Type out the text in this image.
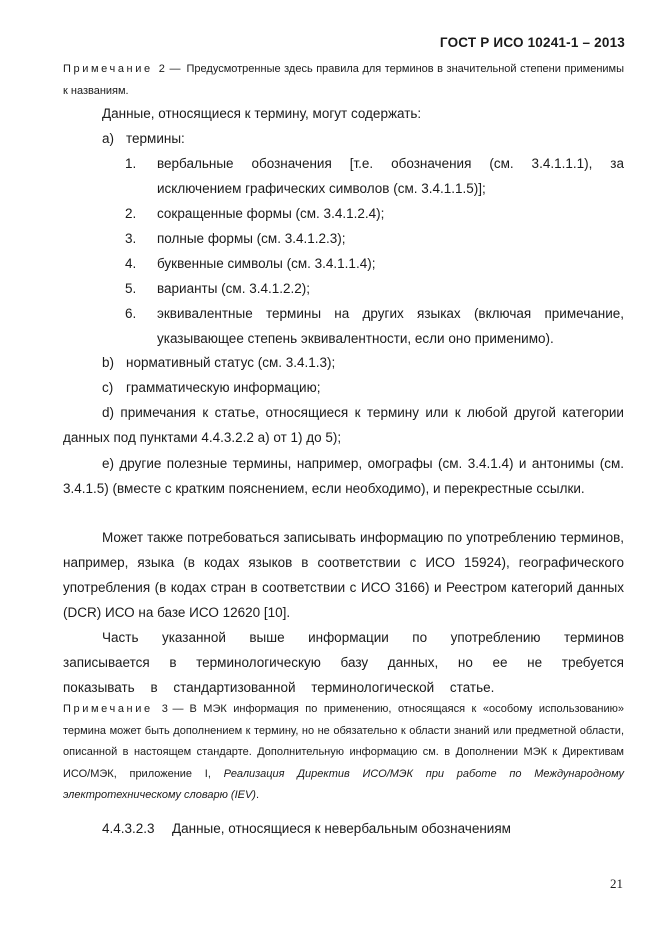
ГОСТ Р ИСО 10241-1 – 2013
Примечание 2 — Предусмотренные здесь правила для терминов в значительной степени применимы к названиям.
Данные, относящиеся к термину, могут содержать:
a) термины:
1.	вербальные обозначения [т.е. обозначения (см. 3.4.1.1.1), за исключением графических символов (см. 3.4.1.1.5)];
2.	сокращенные формы (см. 3.4.1.2.4);
3.	полные формы (см. 3.4.1.2.3);
4.	буквенные символы (см. 3.4.1.1.4);
5.	варианты (см. 3.4.1.2.2);
6.	эквивалентные термины на других языках (включая примечание, указывающее степень эквивалентности, если оно применимо).
b) нормативный статус (см. 3.4.1.3);
c) грамматическую информацию;
d) примечания к статье, относящиеся к термину или к любой другой категории данных под пунктами 4.4.3.2.2 а) от 1) до 5);
e) другие полезные термины, например, омографы (см. 3.4.1.4) и антонимы (см. 3.4.1.5) (вместе с кратким пояснением, если необходимо), и перекрестные ссылки.
Может также потребоваться записывать информацию по употреблению терминов, например, языка (в кодах языков в соответствии с ИСО 15924), географического употребления (в кодах стран в соответствии с ИСО 3166) и Реестром категорий данных (DCR) ИСО на базе ИСО 12620 [10].
Часть указанной выше информации по употреблению терминов записывается в терминологическую базу данных, но ее не требуется показывать в стандартизованной терминологической статье.
Примечание 3 — В МЭК информация по применению, относящаяся к «особому использованию» термина может быть дополнением к термину, но не обязательно к области знаний или предметной области, описанной в настоящем стандарте. Дополнительную информацию см. в Дополнении МЭК к Директивам ИСО/МЭК, приложение I, Реализация Директив ИСО/МЭК при работе по Международному электротехническому словарю (IEV).
4.4.3.2.3 Данные, относящиеся к невербальным обозначениям
21
